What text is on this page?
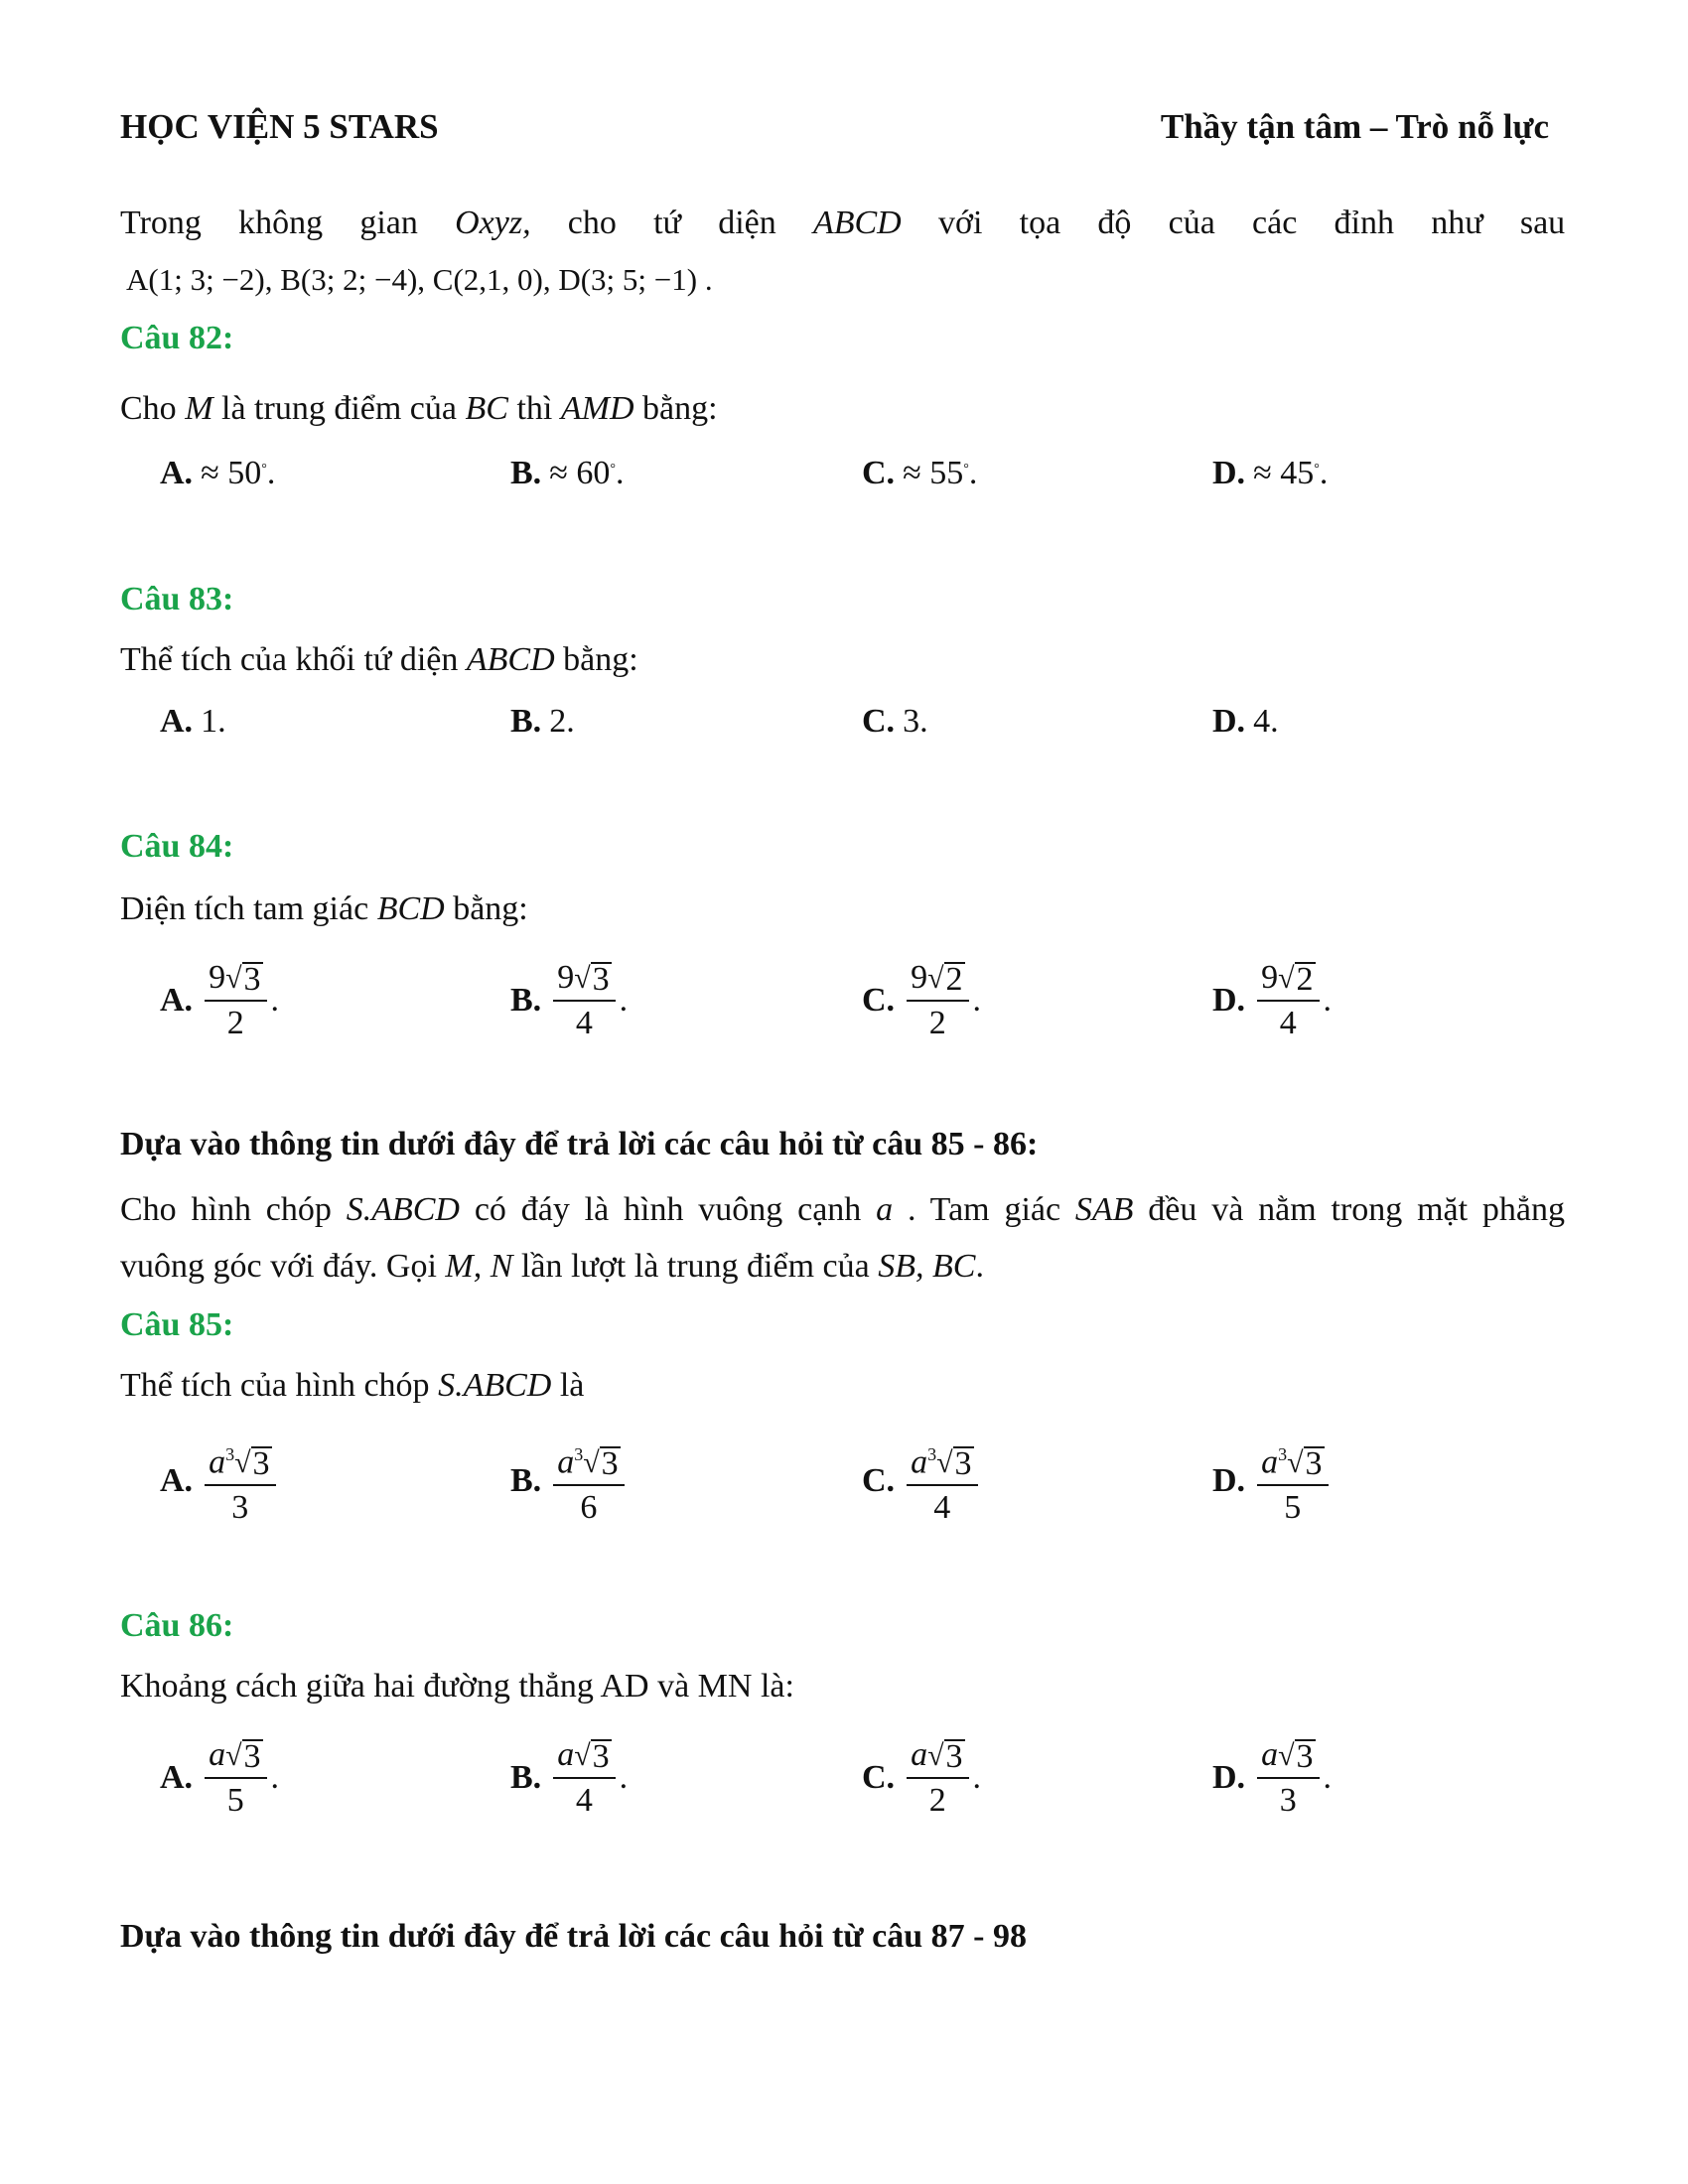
HỌC VIỆN 5 STARS	Thầy tận tâm – Trò nỗ lực
Trong không gian Oxyz, cho tứ diện ABCD với tọa độ của các đỉnh như sau
A(1; 3; −2), B(3; 2; −4), C(2,1, 0), D(3; 5; −1) .
Câu 82:
Cho M là trung điểm của BC thì AMD bằng:
A. ≈ 50 ° .	B. ≈ 60 ° .	C. ≈ 55 ° .	D. ≈ 45 ° .
Câu 83:
Thể tích của khối tứ diện ABCD bằng:
A. 1.	B. 2.	C. 3.	D. 4.
Câu 84:
Diện tích tam giác BCD bằng:
A. $\frac{9 √ 3}{2}$ .	B. $\frac{9 √ 3}{4}$ .	C. $\frac{9 √ 2}{2}$ .	D. $\frac{9 √ 2}{4}$ .
Dựa vào thông tin dưới đây để trả lời các câu hỏi từ câu 85 - 86:
Cho hình chóp S.ABCD có đáy là hình vuông cạnh a . Tam giác SAB đều và nằm trong mặt phẳng
vuông góc với đáy. Gọi M, N lần lượt là trung điểm của SB, BC.
Câu 85:
Thể tích của hình chóp S.ABCD là
A. $\frac{a^3 √ 3}{3}$	B. $\frac{a^3 √ 3}{6}$	C. $\frac{a^3 √ 3}{4}$	D. $\frac{a^3 √ 3}{5}$
Câu 86:
Khoảng cách giữa hai đường thẳng AD và MN là:
A. $\frac{a √ 3}{5}$ .	B. $\frac{a √ 3}{4}$ .	C. $\frac{a √ 3}{2}$ .	D. $\frac{a √ 3}{3}$ .
Dựa vào thông tin dưới đây để trả lời các câu hỏi từ câu 87 - 98
